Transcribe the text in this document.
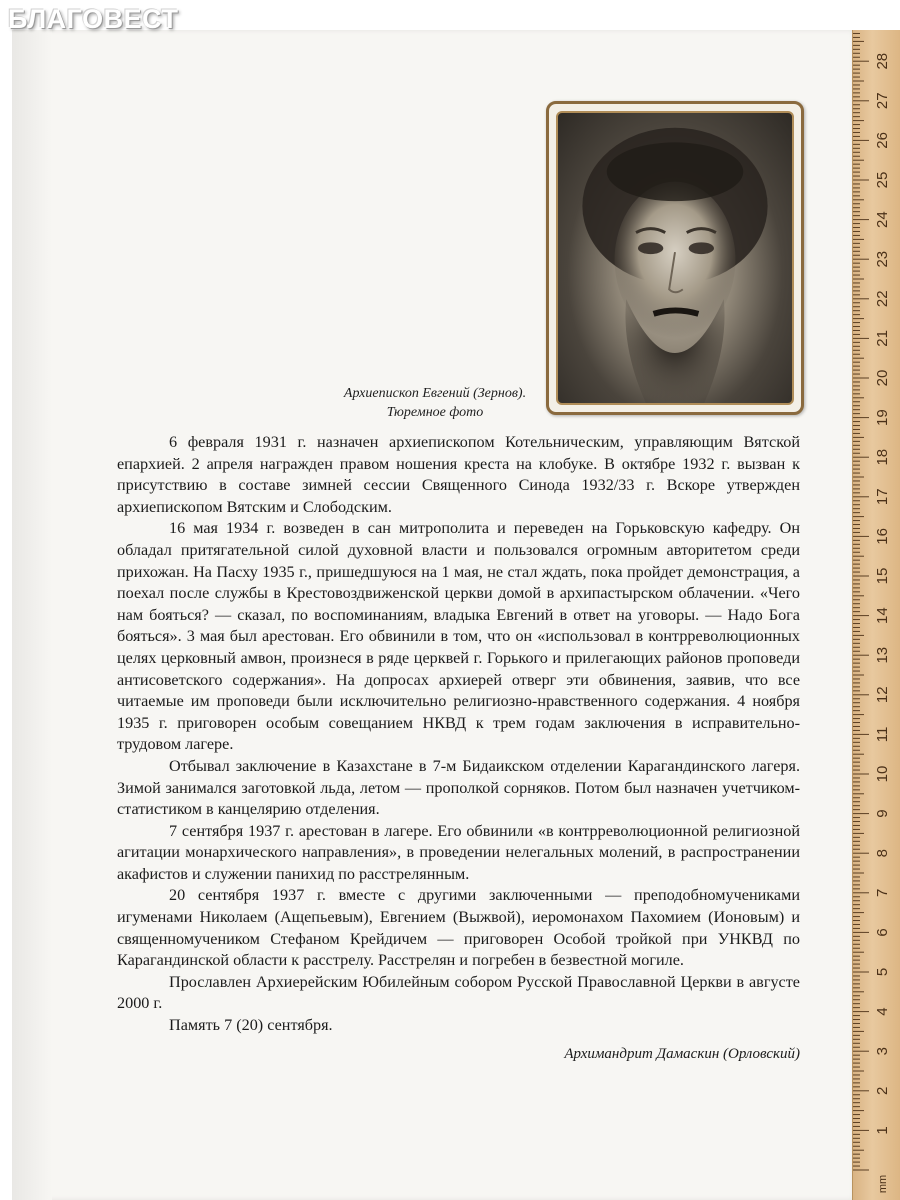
БЛАГОВЕСТ
Архиепископ Евгений (Зернов).
Тюремное фото

6 февраля 1931 г. назначен архиепископом Котельническим, управляющим Вятской епархией. 2 апреля награжден правом ношения креста на клобуке. В октябре 1932 г. вызван к присутствию в составе зимней сессии Священного Синода 1932/33 г. Вскоре утвержден архиепископом Вятским и Слободским.

16 мая 1934 г. возведен в сан митрополита и переведен на Горьковскую кафедру. Он обладал притягательной силой духовной власти и пользовался огромным авторитетом среди прихожан. На Пасху 1935 г., пришедшуюся на 1 мая, не стал ждать, пока пройдет демонстрация, а поехал после службы в Крестовоздвиженской церкви домой в архипастырском облачении. «Чего нам бояться? — сказал, по воспоминаниям, владыка Евгений в ответ на уговоры. — Надо Бога бояться». 3 мая был арестован. Его обвинили в том, что он «использовал в контрреволюционных целях церковный амвон, произнеся в ряде церквей г. Горького и прилегающих районов проповеди антисоветского содержания». На допросах архиерей отверг эти обвинения, заявив, что все читаемые им проповеди были исключительно религиозно-нравственного содержания. 4 ноября 1935 г. приговорен особым совещанием НКВД к трем годам заключения в исправительно-трудовом лагере.

Отбывал заключение в Казахстане в 7-м Бидаикском отделении Карагандинского лагеря. Зимой занимался заготовкой льда, летом — прополкой сорняков. Потом был назначен учетчиком-статистиком в канцелярию отделения.

7 сентября 1937 г. арестован в лагере. Его обвинили «в контрреволюционной религиозной агитации монархического направления», в проведении нелегальных молений, в распространении акафистов и служении панихид по расстрелянным.

20 сентября 1937 г. вместе с другими заключенными — преподобномучениками игуменами Николаем (Ащепьевым), Евгением (Выжвой), иеромонахом Пахомием (Ионовым) и священномучеником Стефаном Крейдичем — приговорен Особой тройкой при УНКВД по Карагандинской области к расстрелу. Расстрелян и погребен в безвестной могиле.

Прославлен Архиерейским Юбилейным собором Русской Православной Церкви в августе 2000 г.

Память 7 (20) сентября.

Архимандрит Дамаскин (Орловский)
1
2
3
4
5
6
7
8
9
10
11
12
13
14
15
16
17
18
19
20
21
22
23
24
25
26
27
28
mm
